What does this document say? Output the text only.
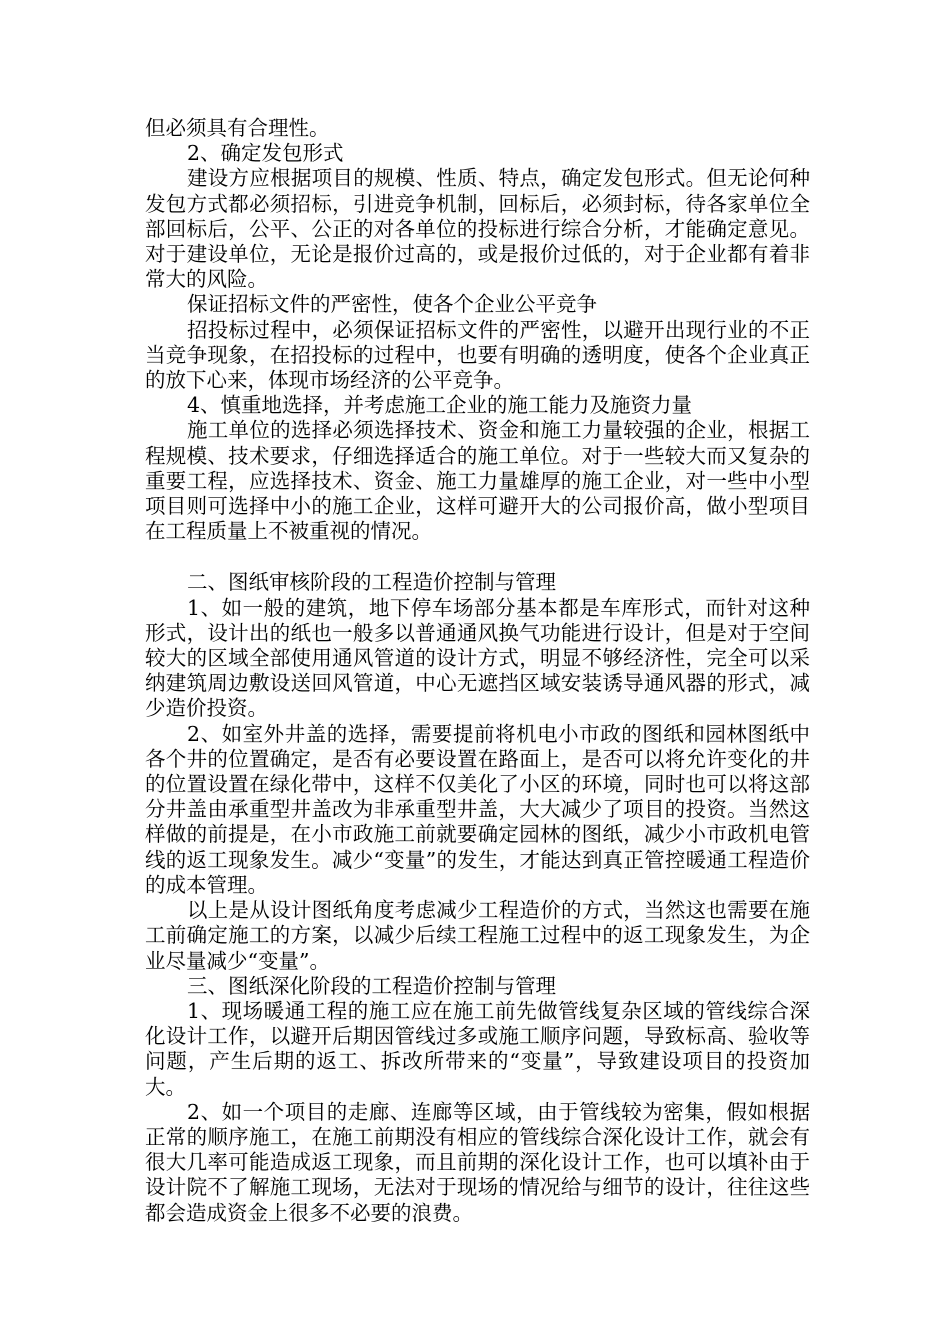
但必须具有合理性。

2、确定发包形式

建设方应根据项目的规模、性质、特点，确定发包形式。但无论何种发包方式都必须招标，引进竞争机制，回标后，必须封标，待各家单位全部回标后，公平、公正的对各单位的投标进行综合分析，才能确定意见。对于建设单位，无论是报价过高的，或是报价过低的，对于企业都有着非常大的风险。

保证招标文件的严密性，使各个企业公平竞争

招投标过程中，必须保证招标文件的严密性，以避开出现行业的不正当竞争现象，在招投标的过程中，也要有明确的透明度，使各个企业真正的放下心来，体现市场经济的公平竞争。

4、慎重地选择，并考虑施工企业的施工能力及施资力量

施工单位的选择必须选择技术、资金和施工力量较强的企业，根据工程规模、技术要求，仔细选择适合的施工单位。对于一些较大而又复杂的重要工程，应选择技术、资金、施工力量雄厚的施工企业，对一些中小型项目则可选择中小的施工企业，这样可避开大的公司报价高，做小型项目在工程质量上不被重视的情况。

二、图纸审核阶段的工程造价控制与管理

1、如一般的建筑，地下停车场部分基本都是车库形式，而针对这种形式，设计出的纸也一般多以普通通风换气功能进行设计，但是对于空间较大的区域全部使用通风管道的设计方式，明显不够经济性，完全可以采纳建筑周边敷设送回风管道，中心无遮挡区域安装诱导通风器的形式，减少造价投资。

2、如室外井盖的选择，需要提前将机电小市政的图纸和园林图纸中各个井的位置确定，是否有必要设置在路面上，是否可以将允许变化的井的位置设置在绿化带中，这样不仅美化了小区的环境，同时也可以将这部分井盖由承重型井盖改为非承重型井盖，大大减少了项目的投资。当然这样做的前提是，在小市政施工前就要确定园林的图纸，减少小市政机电管线的返工现象发生。减少“变量”的发生，才能达到真正管控暖通工程造价的成本管理。

以上是从设计图纸角度考虑减少工程造价的方式，当然这也需要在施工前确定施工的方案，以减少后续工程施工过程中的返工现象发生，为企业尽量减少“变量”。

三、图纸深化阶段的工程造价控制与管理

1、现场暖通工程的施工应在施工前先做管线复杂区域的管线综合深化设计工作，以避开后期因管线过多或施工顺序问题，导致标高、验收等问题，产生后期的返工、拆改所带来的“变量”，导致建设项目的投资加大。

2、如一个项目的走廊、连廊等区域，由于管线较为密集，假如根据正常的顺序施工，在施工前期没有相应的管线综合深化设计工作，就会有很大几率可能造成返工现象，而且前期的深化设计工作，也可以填补由于设计院不了解施工现场，无法对于现场的情况给与细节的设计，往往这些都会造成资金上很多不必要的浪费。
